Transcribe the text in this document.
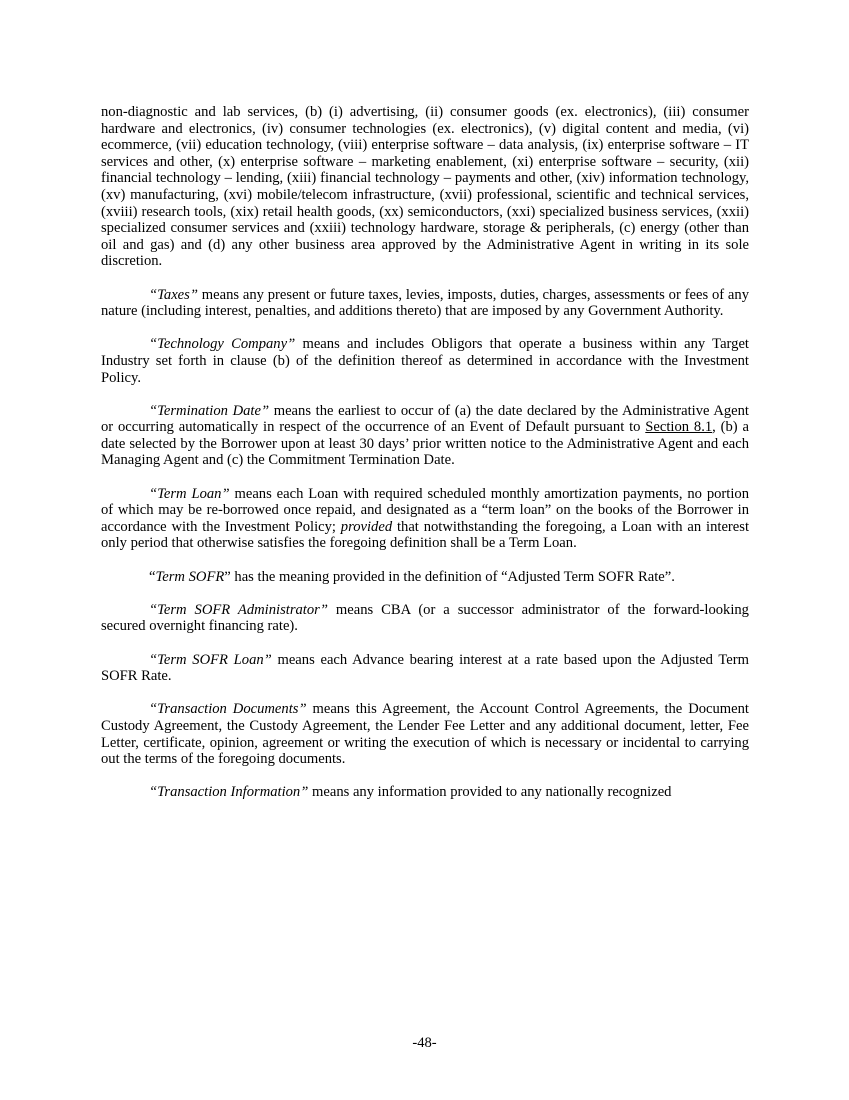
non-diagnostic and lab services, (b) (i) advertising, (ii) consumer goods (ex. electronics), (iii) consumer hardware and electronics, (iv) consumer technologies (ex. electronics), (v) digital content and media, (vi) ecommerce, (vii) education technology, (viii) enterprise software – data analysis, (ix) enterprise software – IT services and other, (x) enterprise software – marketing enablement, (xi) enterprise software – security, (xii) financial technology – lending, (xiii) financial technology – payments and other, (xiv) information technology, (xv) manufacturing, (xvi) mobile/telecom infrastructure, (xvii) professional, scientific and technical services, (xviii) research tools, (xix) retail health goods, (xx) semiconductors, (xxi) specialized business services, (xxii) specialized consumer services and (xxiii) technology hardware, storage & peripherals, (c) energy (other than oil and gas) and (d) any other business area approved by the Administrative Agent in writing in its sole discretion.

“Taxes” means any present or future taxes, levies, imposts, duties, charges, assessments or fees of any nature (including interest, penalties, and additions thereto) that are imposed by any Government Authority.

“Technology Company” means and includes Obligors that operate a business within any Target Industry set forth in clause (b) of the definition thereof as determined in accordance with the Investment Policy.

“Termination Date” means the earliest to occur of (a) the date declared by the Administrative Agent or occurring automatically in respect of the occurrence of an Event of Default pursuant to Section 8.1, (b) a date selected by the Borrower upon at least 30 days’ prior written notice to the Administrative Agent and each Managing Agent and (c) the Commitment Termination Date.

“Term Loan” means each Loan with required scheduled monthly amortization payments, no portion of which may be re-borrowed once repaid, and designated as a “term loan” on the books of the Borrower in accordance with the Investment Policy; provided that notwithstanding the foregoing, a Loan with an interest only period that otherwise satisfies the foregoing definition shall be a Term Loan.

“Term SOFR” has the meaning provided in the definition of “Adjusted Term SOFR Rate”.

“Term SOFR Administrator” means CBA (or a successor administrator of the forward-looking secured overnight financing rate).

“Term SOFR Loan” means each Advance bearing interest at a rate based upon the Adjusted Term SOFR Rate.

“Transaction Documents” means this Agreement, the Account Control Agreements, the Document Custody Agreement, the Custody Agreement, the Lender Fee Letter and any additional document, letter, Fee Letter, certificate, opinion, agreement or writing the execution of which is necessary or incidental to carrying out the terms of the foregoing documents.

“Transaction Information” means any information provided to any nationally recognized

-48-
